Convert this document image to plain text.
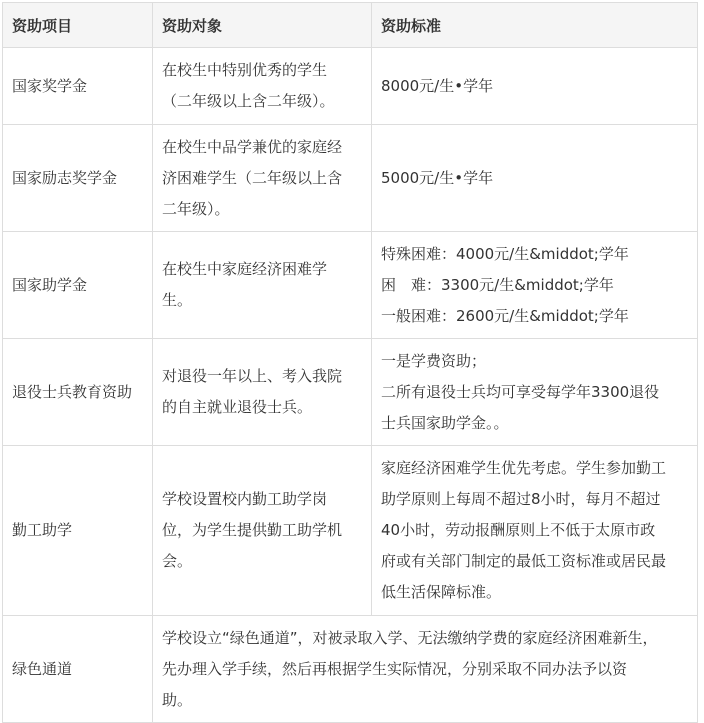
资助项目	资助对象	资助标准
国家奖学金	在校生中特别优秀的学生
（二年级以上含二年级）。	8000元/生•学年

国家励志奖学金	在校生中品学兼优的家庭经
济困难学生（二年级以上含
二年级）。	5000元/生•学年

国家助学金	在校生中家庭经济困难学
生。	特殊困难：4000元/生&middot;学年
困　难：3300元/生&middot;学年
一般困难：2600元/生&middot;学年

退役士兵教育资助	对退役一年以上、考入我院
的自主就业退役士兵。	一是学费资助；
二所有退役士兵均可享受每学年3300退役
士兵国家助学金。。

勤工助学	学校设置校内勤工助学岗
位，为学生提供勤工助学机
会。	家庭经济困难学生优先考虑。学生参加勤工
助学原则上每周不超过8小时，每月不超过
40小时，劳动报酬原则上不低于太原市政
府或有关部门制定的最低工资标准或居民最
低生活保障标准。

绿色通道	学校设立“绿色通道”，对被录取入学、无法缴纳学费的家庭经济困难新生，
先办理入学手续，然后再根据学生实际情况，分别采取不同办法予以资
助。	
